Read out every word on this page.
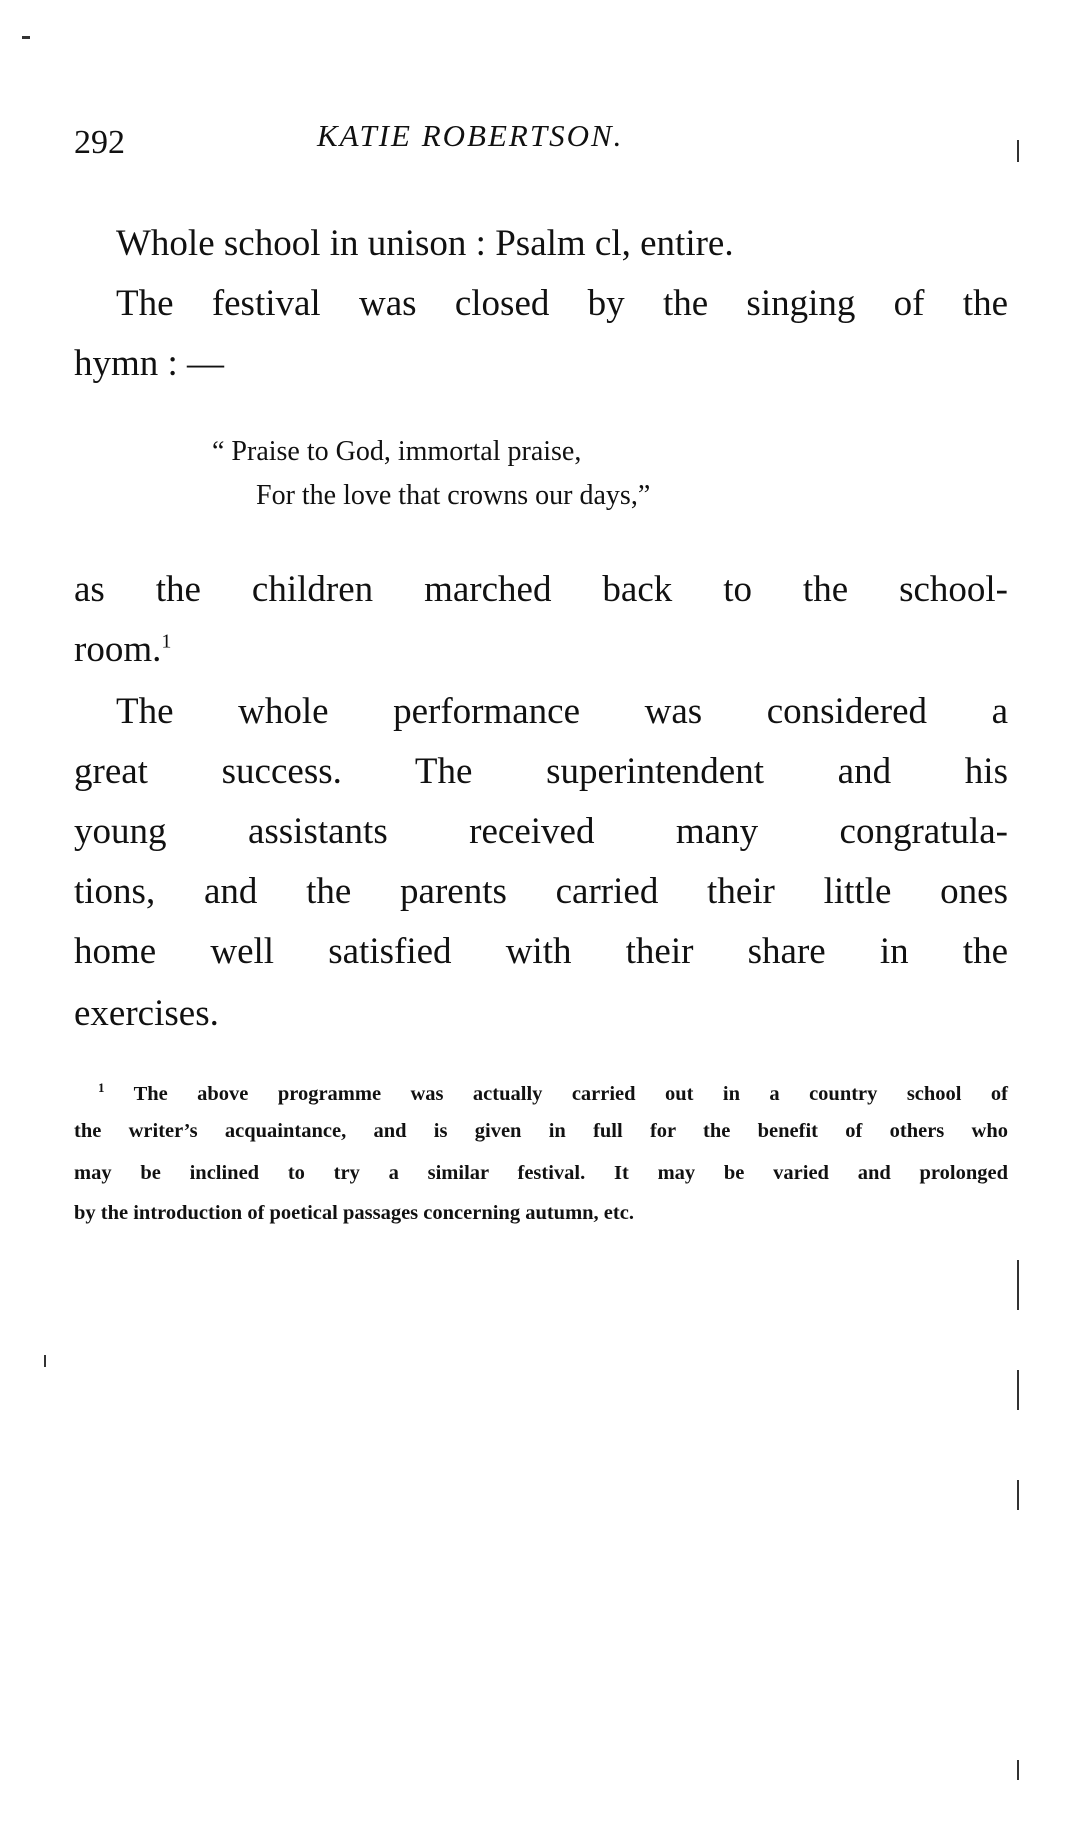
292	KATIE ROBERTSON.
Whole school in unison : Psalm cl, entire.
The festival was closed by the singing of the
hymn : —
“ Praise to God, immortal praise,
For the love that crowns our days,”
as the children marched back to the school-
room.$^1$
The whole performance was considered a
great success. The superintendent and his
young assistants received many congratula-
tions, and the parents carried their little ones
home well satisfied with their share in the
exercises.
$^1$ The above programme was actually carried out in a country school of
the writer’s acquaintance, and is given in full for the benefit of others who
may be inclined to try a similar festival. It may be varied and prolonged
by the introduction of poetical passages concerning autumn, etc.
